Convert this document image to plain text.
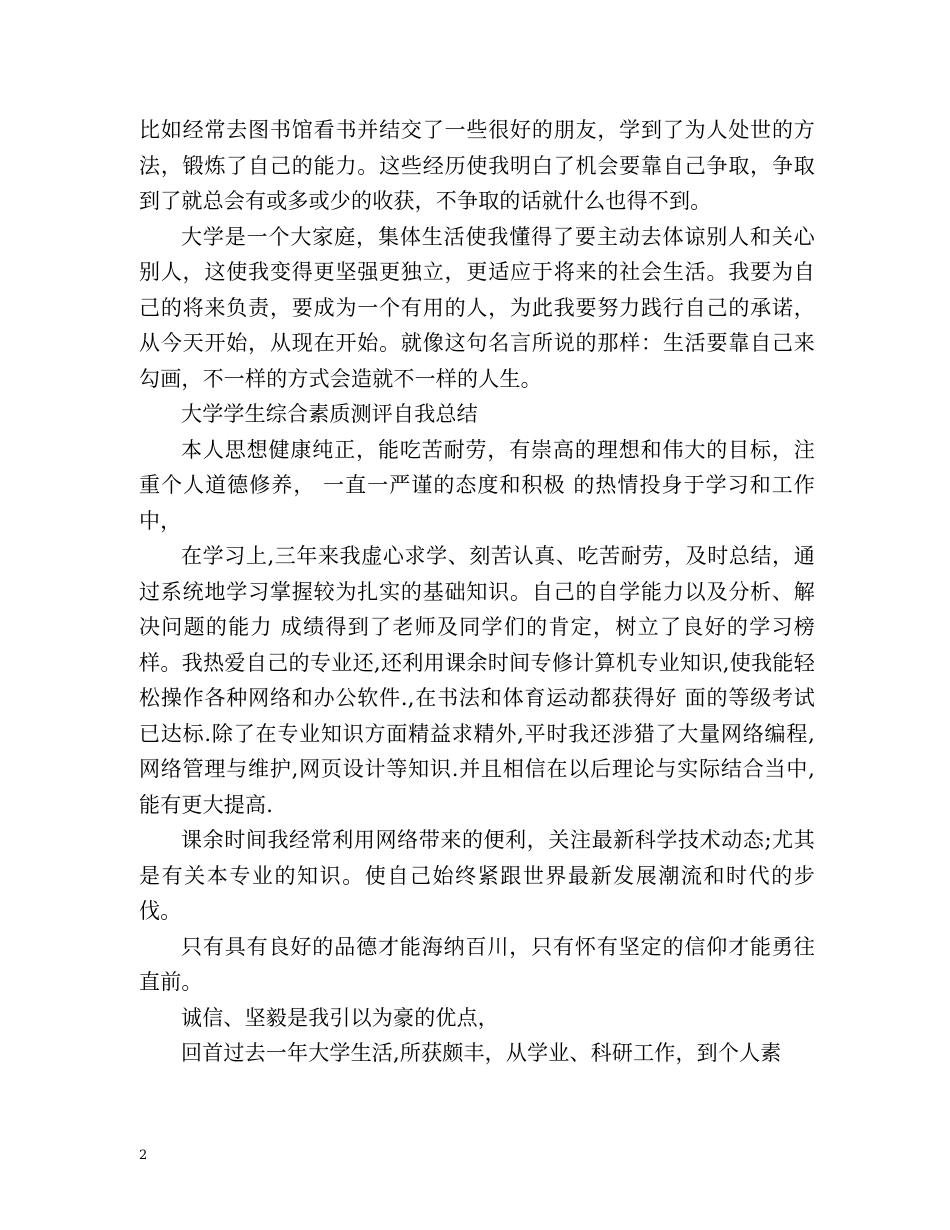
比如经常去图书馆看书并结交了一些很好的朋友，学到了为人处世的方法，锻炼了自己的能力。这些经历使我明白了机会要靠自己争取，争取到了就总会有或多或少的收获，不争取的话就什么也得不到。

大学是一个大家庭，集体生活使我懂得了要主动去体谅别人和关心别人，这使我变得更坚强更独立，更适应于将来的社会生活。我要为自己的将来负责，要成为一个有用的人，为此我要努力践行自己的承诺，从今天开始，从现在开始。就像这句名言所说的那样：生活要靠自己来勾画，不一样的方式会造就不一样的人生。

大学学生综合素质测评自我总结

本人思想健康纯正，能吃苦耐劳，有崇高的理想和伟大的目标，注重个人道德修养， 一直一严谨的态度和积极 的热情投身于学习和工作中，

在学习上,三年来我虚心求学、刻苦认真、吃苦耐劳，及时总结，通过系统地学习掌握较为扎实的基础知识。自己的自学能力以及分析、解决问题的能力 成绩得到了老师及同学们的肯定，树立了良好的学习榜样。我热爱自己的专业还,还利用课余时间专修计算机专业知识,使我能轻松操作各种网络和办公软件.,在书法和体育运动都获得好 面的等级考试已达标.除了在专业知识方面精益求精外,平时我还涉猎了大量网络编程,网络管理与维护,网页设计等知识.并且相信在以后理论与实际结合当中,能有更大提高.

课余时间我经常利用网络带来的便利，关注最新科学技术动态;尤其是有关本专业的知识。使自己始终紧跟世界最新发展潮流和时代的步伐。

只有具有良好的品德才能海纳百川，只有怀有坚定的信仰才能勇往直前。

诚信、坚毅是我引以为豪的优点，

回首过去一年大学生活,所获颇丰，从学业、科研工作，到个人素

2
